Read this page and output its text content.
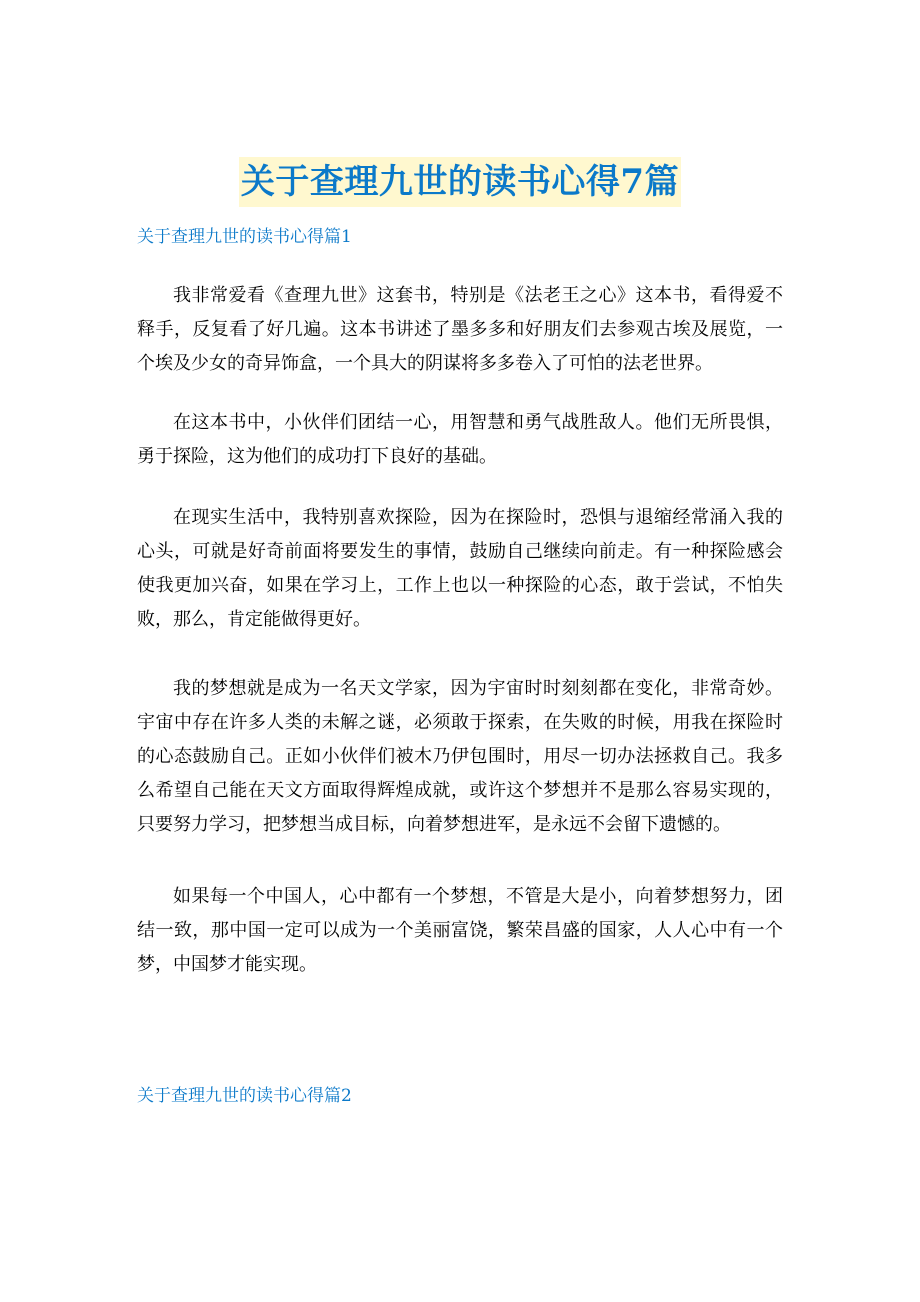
关于查理九世的读书心得7篇
关于查理九世的读书心得篇1

我非常爱看《查理九世》这套书，特别是《法老王之心》这本书，看得爱不释手，反复看了好几遍。这本书讲述了墨多多和好朋友们去参观古埃及展览，一个埃及少女的奇异饰盒，一个具大的阴谋将多多卷入了可怕的法老世界。

在这本书中，小伙伴们团结一心，用智慧和勇气战胜敌人。他们无所畏惧，勇于探险，这为他们的成功打下良好的基础。

在现实生活中，我特别喜欢探险，因为在探险时，恐惧与退缩经常涌入我的心头，可就是好奇前面将要发生的事情，鼓励自己继续向前走。有一种探险感会使我更加兴奋，如果在学习上，工作上也以一种探险的心态，敢于尝试，不怕失败，那么，肯定能做得更好。

我的梦想就是成为一名天文学家，因为宇宙时时刻刻都在变化，非常奇妙。宇宙中存在许多人类的未解之谜，必须敢于探索，在失败的时候，用我在探险时的心态鼓励自己。正如小伙伴们被木乃伊包围时，用尽一切办法拯救自己。我多么希望自己能在天文方面取得辉煌成就，或许这个梦想并不是那么容易实现的，只要努力学习，把梦想当成目标，向着梦想进军，是永远不会留下遗憾的。

如果每一个中国人，心中都有一个梦想，不管是大是小，向着梦想努力，团结一致，那中国一定可以成为一个美丽富饶，繁荣昌盛的国家，人人心中有一个梦，中国梦才能实现。

关于查理九世的读书心得篇2
